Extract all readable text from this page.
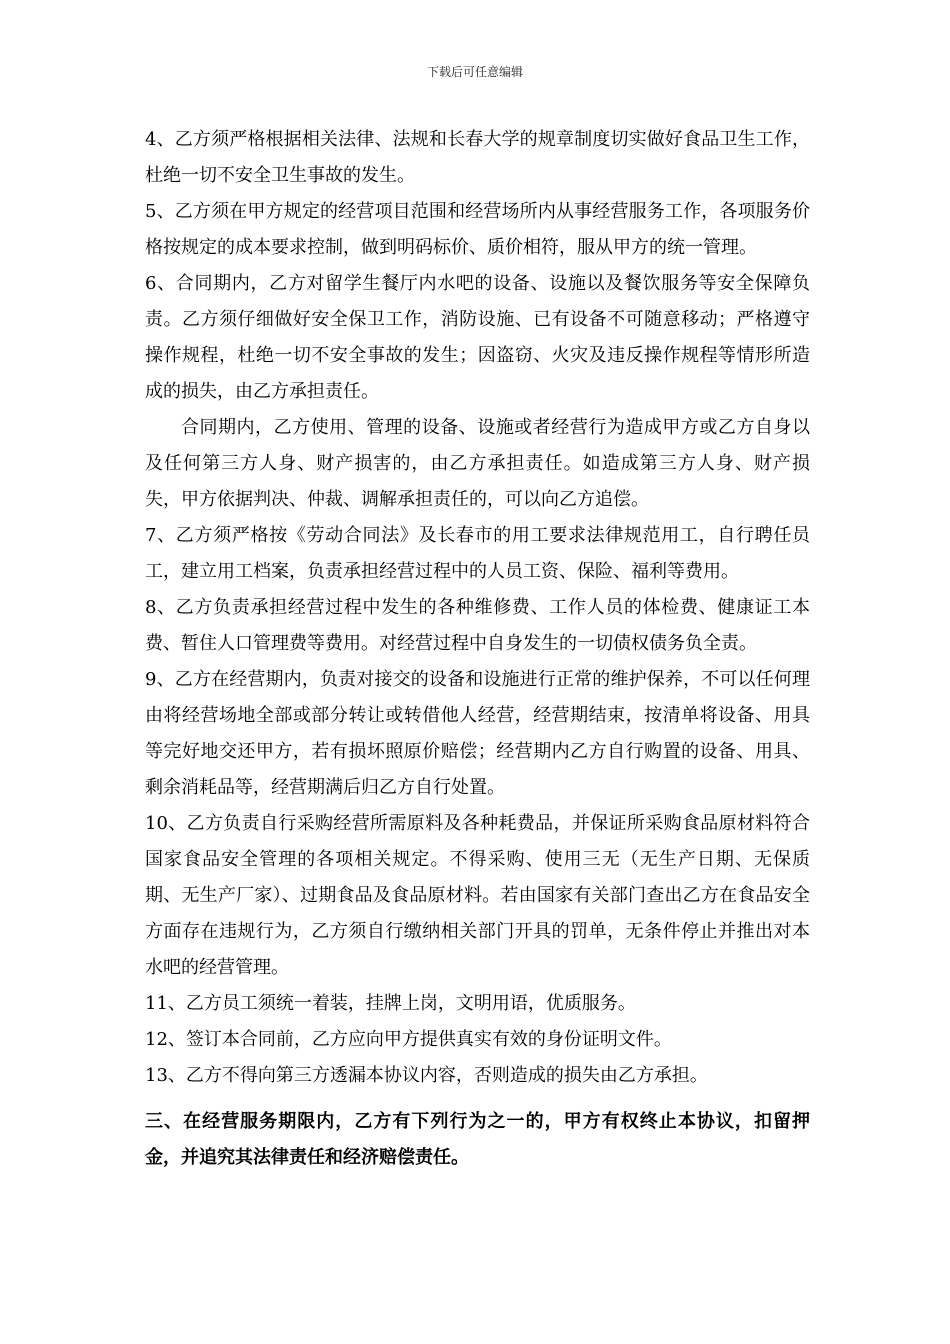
下载后可任意编辑

4、乙方须严格根据相关法律、法规和长春大学的规章制度切实做好食品卫生工作，杜绝一切不安全卫生事故的发生。

5、乙方须在甲方规定的经营项目范围和经营场所内从事经营服务工作，各项服务价格按规定的成本要求控制，做到明码标价、质价相符，服从甲方的统一管理。

6、合同期内，乙方对留学生餐厅内水吧的设备、设施以及餐饮服务等安全保障负责。乙方须仔细做好安全保卫工作，消防设施、已有设备不可随意移动；严格遵守操作规程，杜绝一切不安全事故的发生；因盗窃、火灾及违反操作规程等情形所造成的损失，由乙方承担责任。

合同期内，乙方使用、管理的设备、设施或者经营行为造成甲方或乙方自身以及任何第三方人身、财产损害的，由乙方承担责任。如造成第三方人身、财产损失，甲方依据判决、仲裁、调解承担责任的，可以向乙方追偿。

7、乙方须严格按《劳动合同法》及长春市的用工要求法律规范用工，自行聘任员工，建立用工档案，负责承担经营过程中的人员工资、保险、福利等费用。

8、乙方负责承担经营过程中发生的各种维修费、工作人员的体检费、健康证工本费、暂住人口管理费等费用。对经营过程中自身发生的一切债权债务负全责。

9、乙方在经营期内，负责对接交的设备和设施进行正常的维护保养，不可以任何理由将经营场地全部或部分转让或转借他人经营，经营期结束，按清单将设备、用具等完好地交还甲方，若有损坏照原价赔偿；经营期内乙方自行购置的设备、用具、剩余消耗品等，经营期满后归乙方自行处置。

10、乙方负责自行采购经营所需原料及各种耗费品，并保证所采购食品原材料符合国家食品安全管理的各项相关规定。不得采购、使用三无（无生产日期、无保质期、无生产厂家）、过期食品及食品原材料。若由国家有关部门查出乙方在食品安全方面存在违规行为，乙方须自行缴纳相关部门开具的罚单，无条件停止并推出对本水吧的经营管理。

11、乙方员工须统一着装，挂牌上岗，文明用语，优质服务。

12、签订本合同前，乙方应向甲方提供真实有效的身份证明文件。

13、乙方不得向第三方透漏本协议内容，否则造成的损失由乙方承担。

三、在经营服务期限内，乙方有下列行为之一的，甲方有权终止本协议，扣留押金，并追究其法律责任和经济赔偿责任。
